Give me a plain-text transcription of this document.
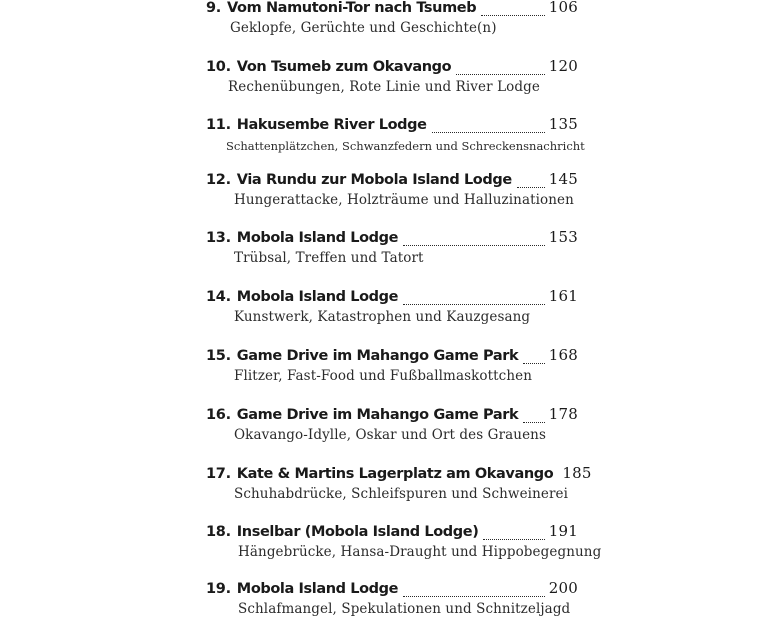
9. Vom Namutoni-Tor nach Tsumeb	106
Geklopfe, Gerüchte und Geschichte(n)
10. Von Tsumeb zum Okavango	120
Rechenübungen, Rote Linie und River Lodge
11. Hakusembe River Lodge	135
Schattenplätzchen, Schwanzfedern und Schreckensnachricht
12. Via Rundu zur Mobola Island Lodge 145
Hungerattacke, Holzträume und Halluzinationen
13. Mobola Island Lodge	153
Trübsal, Treffen und Tatort
14. Mobola Island Lodge	161
Kunstwerk, Katastrophen und Kauzgesang
15. Game Drive im Mahango Game Park 168
Flitzer, Fast-Food und Fußballmaskottchen
16. Game Drive im Mahango Game Park 178
Okavango-Idylle, Oskar und Ort des Grauens
17. Kate & Martins Lagerplatz am Okavango 185
Schuhabdrücke, Schleifspuren und Schweinerei
18. Inselbar (Mobola Island Lodge)	191
Hängebrücke, Hansa-Draught und Hippobegegnung
19. Mobola Island Lodge	200
Schlafmangel, Spekulationen und Schnitzeljagd
